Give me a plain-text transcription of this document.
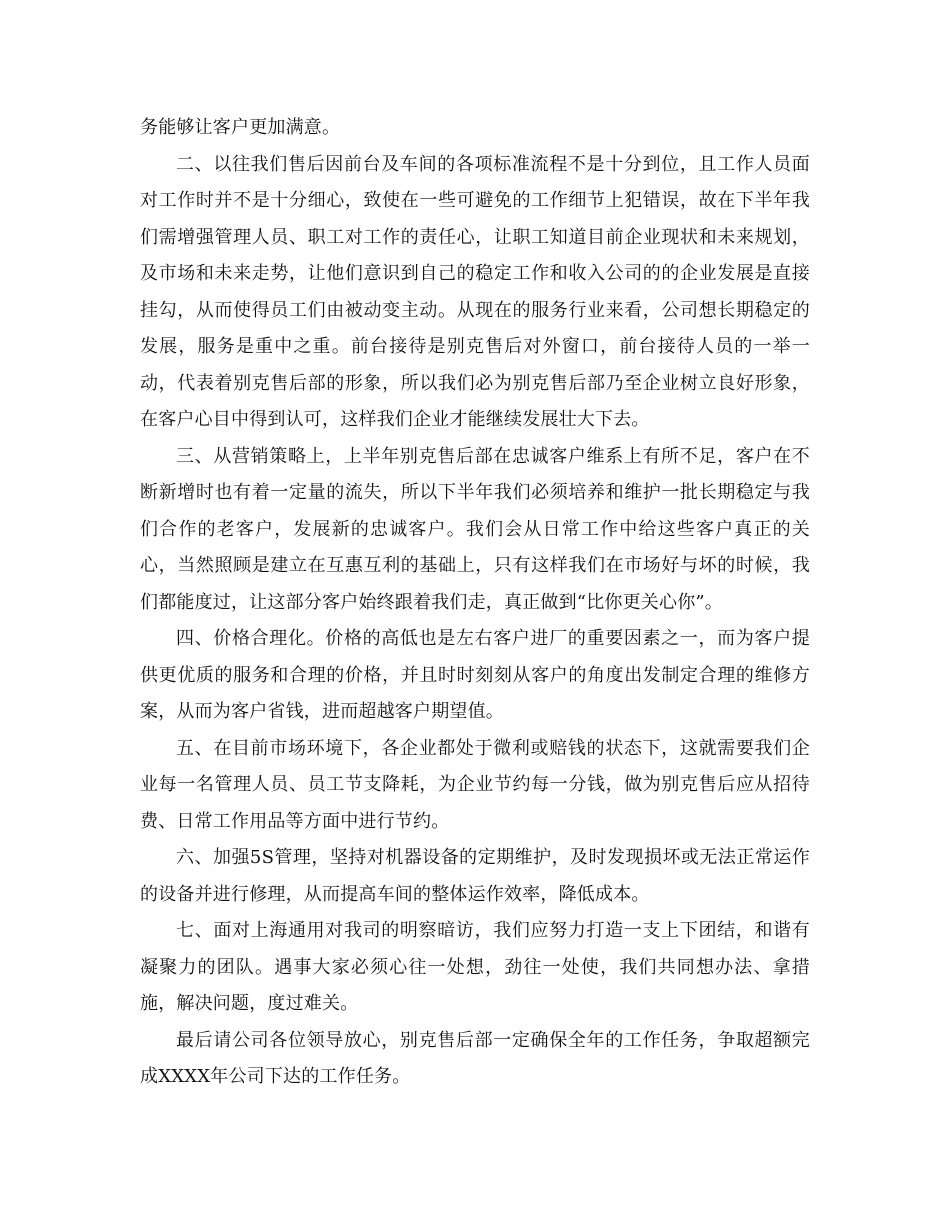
务能够让客户更加满意。

二、以往我们售后因前台及车间的各项标准流程不是十分到位，且工作人员面对工作时并不是十分细心，致使在一些可避免的工作细节上犯错误，故在下半年我们需增强管理人员、职工对工作的责任心，让职工知道目前企业现状和未来规划，及市场和未来走势，让他们意识到自己的稳定工作和收入公司的的企业发展是直接挂勾，从而使得员工们由被动变主动。从现在的服务行业来看，公司想长期稳定的发展，服务是重中之重。前台接待是别克售后对外窗口，前台接待人员的一举一动，代表着别克售后部的形象，所以我们必为别克售后部乃至企业树立良好形象，在客户心目中得到认可，这样我们企业才能继续发展壮大下去。

三、从营销策略上，上半年别克售后部在忠诚客户维系上有所不足，客户在不断新增时也有着一定量的流失，所以下半年我们必须培养和维护一批长期稳定与我们合作的老客户，发展新的忠诚客户。我们会从日常工作中给这些客户真正的关心，当然照顾是建立在互惠互利的基础上，只有这样我们在市场好与坏的时候，我们都能度过，让这部分客户始终跟着我们走，真正做到“比你更关心你”。

四、价格合理化。价格的高低也是左右客户进厂的重要因素之一，而为客户提供更优质的服务和合理的价格，并且时时刻刻从客户的角度出发制定合理的维修方案，从而为客户省钱，进而超越客户期望值。

五、在目前市场环境下，各企业都处于微利或赔钱的状态下，这就需要我们企业每一名管理人员、员工节支降耗，为企业节约每一分钱，做为别克售后应从招待费、日常工作用品等方面中进行节约。

六、加强5S管理，坚持对机器设备的定期维护，及时发现损坏或无法正常运作的设备并进行修理，从而提高车间的整体运作效率，降低成本。

七、面对上海通用对我司的明察暗访，我们应努力打造一支上下团结，和谐有凝聚力的团队。遇事大家必须心往一处想，劲往一处使，我们共同想办法、拿措施，解决问题，度过难关。

最后请公司各位领导放心，别克售后部一定确保全年的工作任务，争取超额完成XXXX年公司下达的工作任务。
